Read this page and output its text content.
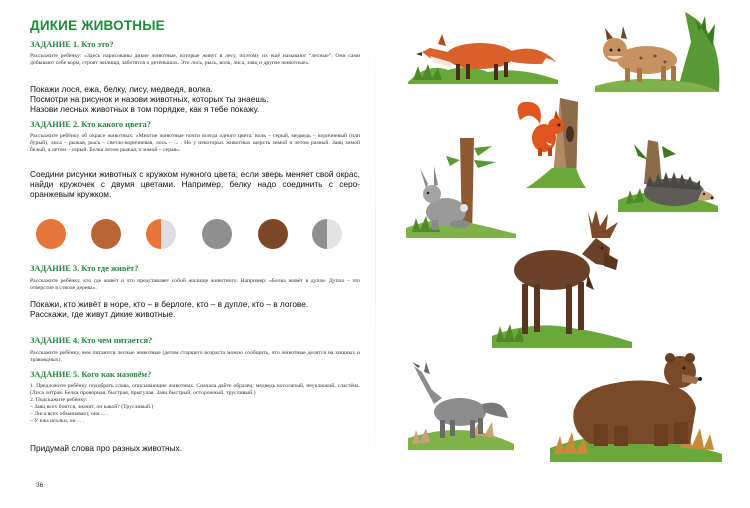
ДИКИЕ ЖИВОТНЫЕ

ЗАДАНИЕ 1. Кто это?

Расскажите ребёнку: «Здесь нарисованы дикие животные, которые живут в лесу, поэтому их ещё называют “лесные”. Они сами добывают себе корм, строят жилища, заботятся о детёнышах. Это лось, рысь, волк, лиса, заяц и другие животные».

Покажи лося, ежа, белку, лису, медведя, волка.

Посмотри на рисунок и назови животных, которых ты знаешь.

Назови лесных животных в том порядке, как я тебе покажу.

ЗАДАНИЕ 2. Кто какого цвета?

Расскажите ребёнку об окрасе животных: «Многие животные почти всегда одного цвета: волк – серый, медведь – коричневый (или бурый), лиса – рыжая, рысь – светло-коричневая, лось – ... . Но у некоторых животных шерсть зимой и летом разный. Заяц зимой белый, а летом – серый. Белка летом рыжая, а зимой – серая».

Соедини рисунки животных с кружком нужного цвета; если зверь меняет свой окрас, найди кружочек с двумя цветами. Например, белку надо соединить с серо-оранжевым кружком.

ЗАДАНИЕ 3. Кто где живёт?

Расскажите ребёнку, кто где живёт и что представляет собой жилище животного. Например: «Белка живёт в дупле. Дупло – это отверстие в стволе дерева».

Покажи, кто живёт в норе, кто – в берлоге, кто – в дупле, кто – в логове.

Расскажи, где живут дикие животные.

ЗАДАНИЕ 4. Кто чем питается?

Расскажите ребёнку, чем питаются лесные животные (детям старшего возраста можно сообщить, что животные делятся на хищных и травоядных).

ЗАДАНИЕ 5. Кого как назовём?

1. Предложите ребёнку подобрать слова, описывающие животных. Сначала дайте образец: медведь косолапый, неуклюжий, сластёна. (Лиса хитрая. Белка проворная, быстрая, прыгучая. Заяц быстрый, осторожный, трусливый.)

2. Подскажите ребёнку:

– Заяц всех боится, значит, он какой? (Трусливый.)

– Лиса всех обманывает, она ... .

– У ежа иголки, он ... .

Придумай слова про разных животных.

36
